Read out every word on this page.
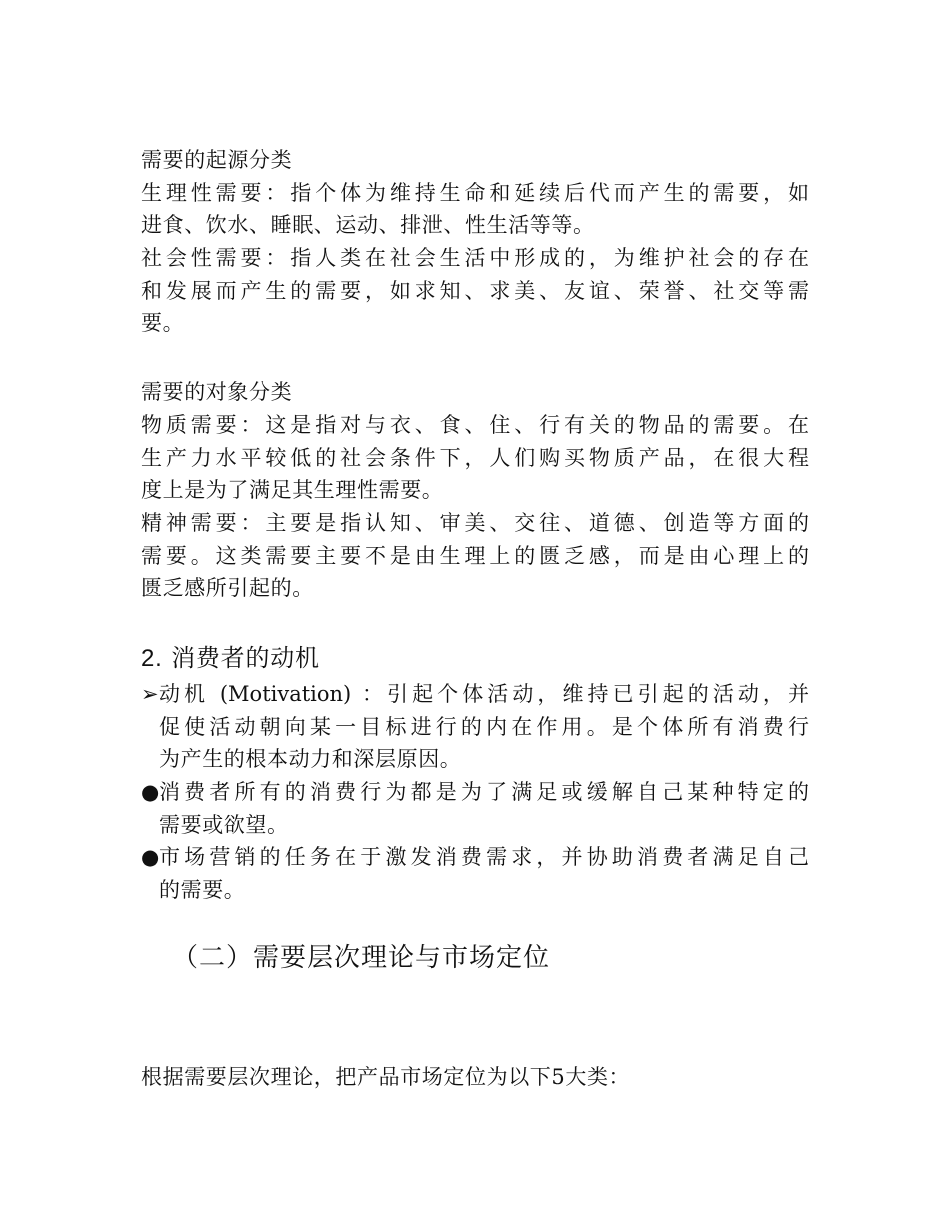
需要的起源分类
生理性需要：指个体为维持生命和延续后代而产生的需要，如
进食、饮水、睡眠、运动、排泄、性生活等等。
社会性需要：指人类在社会生活中形成的，为维护社会的存在
和发展而产生的需要，如求知、求美、友谊、荣誉、社交等需
要。
需要的对象分类
物质需要：这是指对与衣、食、住、行有关的物品的需要。在
生产力水平较低的社会条件下，人们购买物质产品，在很大程
度上是为了满足其生理性需要。
精神需要：主要是指认知、审美、交往、道德、创造等方面的
需要。这类需要主要不是由生理上的匮乏感，而是由心理上的
匮乏感所引起的。
2. 消费者的动机
➢ 动机 (Motivation) ：引起个体活动，维持已引起的活动，并
促使活动朝向某一目标进行的内在作用。是个体所有消费行
为产生的根本动力和深层原因。
● 消费者所有的消费行为都是为了满足或缓解自己某种特定的
需要或欲望。
● 市场营销的任务在于激发消费需求，并协助消费者满足自己
的需要。
（二）需要层次理论与市场定位
根据需要层次理论，把产品市场定位为以下5大类：
